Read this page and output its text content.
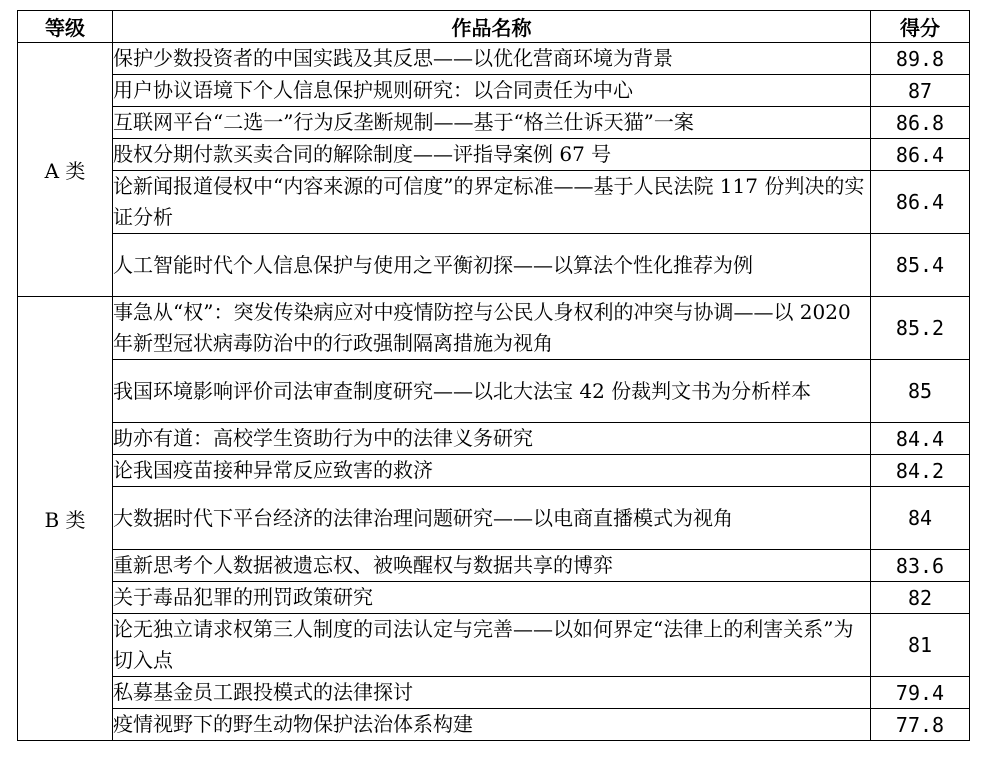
等级	作品名称	得分
A 类	保护少数投资者的中国实践及其反思——以优化营商环境为背景	89.8
	用户协议语境下个人信息保护规则研究：以合同责任为中心	87
	互联网平台“二选一”行为反垄断规制——基于“格兰仕诉天猫”一案	86.8
	股权分期付款买卖合同的解除制度——评指导案例 67 号	86.4
	论新闻报道侵权中“内容来源的可信度”的界定标准——基于人民法院 117 份判决的实证分析	86.4
	人工智能时代个人信息保护与使用之平衡初探——以算法个性化推荐为例	85.4
B 类	事急从“权”：突发传染病应对中疫情防控与公民人身权利的冲突与协调——以 2020 年新型冠状病毒防治中的行政强制隔离措施为视角	85.2
	我国环境影响评价司法审查制度研究——以北大法宝 42 份裁判文书为分析样本	85
	助亦有道：高校学生资助行为中的法律义务研究	84.4
	论我国疫苗接种异常反应致害的救济	84.2
	大数据时代下平台经济的法律治理问题研究——以电商直播模式为视角	84
	重新思考个人数据被遗忘权、被唤醒权与数据共享的博弈	83.6
	关于毒品犯罪的刑罚政策研究	82
	论无独立请求权第三人制度的司法认定与完善——以如何界定“法律上的利害关系”为切入点	81
	私募基金员工跟投模式的法律探讨	79.4
	疫情视野下的野生动物保护法治体系构建	77.8
